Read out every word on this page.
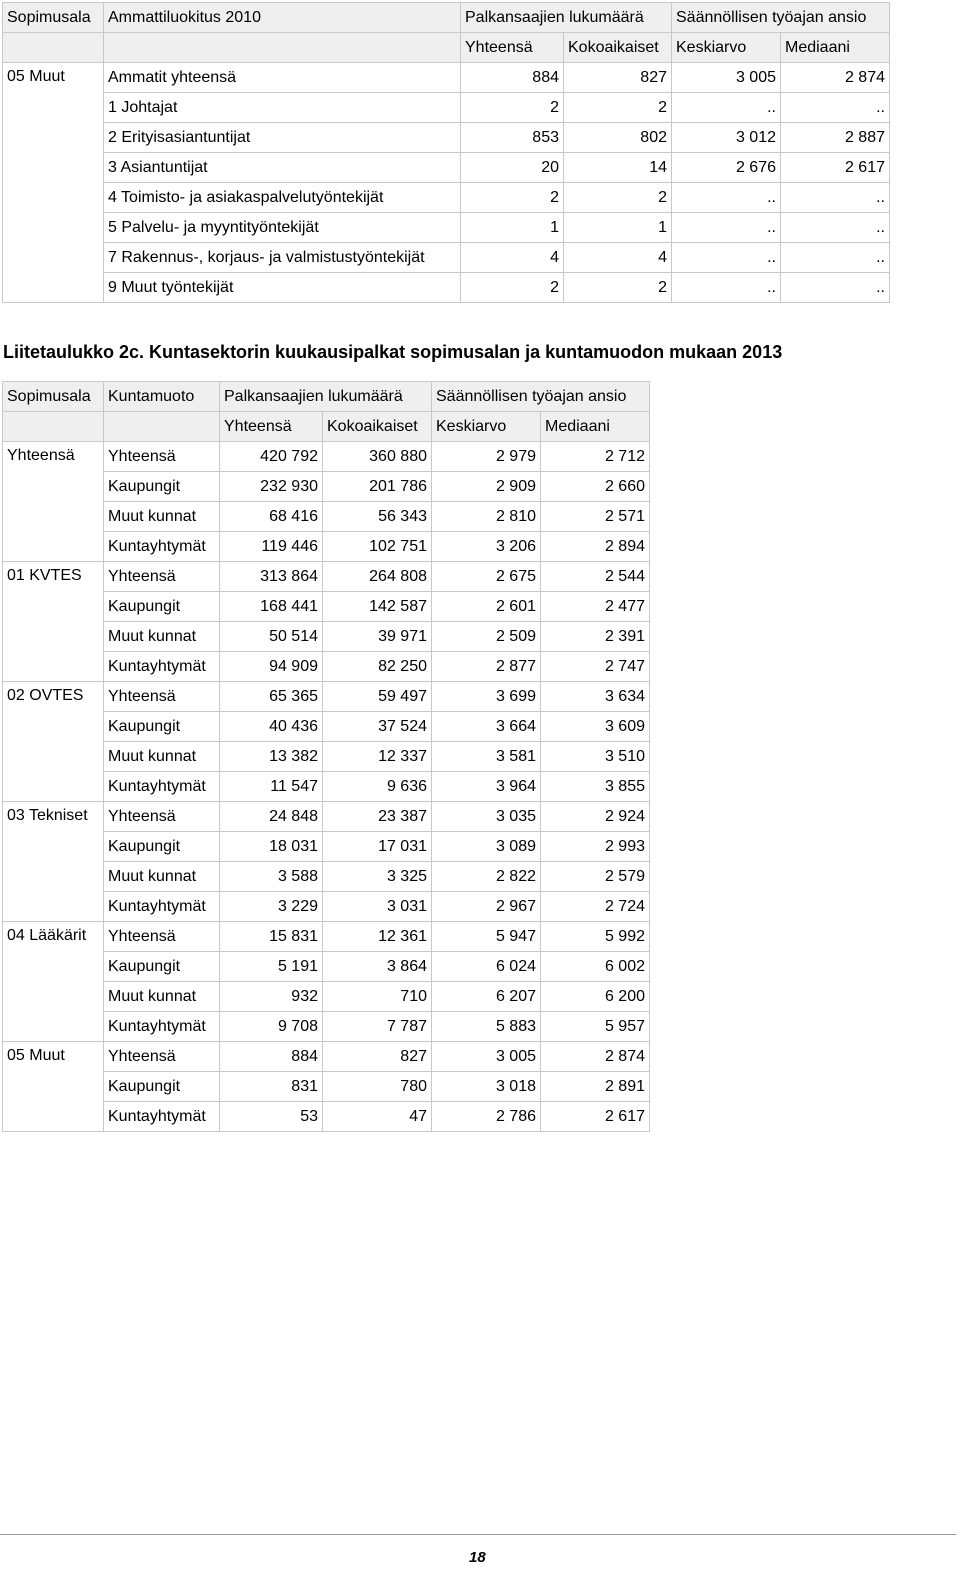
Sopimusala	Ammattiluokitus 2010	Palkansaajien lukumäärä		Säännöllisen työajan ansio	
		Yhteensä	Kokoaikaiset	Keskiarvo	Mediaani
05 Muut	Ammatit yhteensä	884	827	3 005	2 874
	1 Johtajat	2	2	..	..
	2 Erityisasiantuntijat	853	802	3 012	2 887
	3 Asiantuntijat	20	14	2 676	2 617
	4 Toimisto- ja asiakaspalvelutyöntekijät	2	2	..	..
	5 Palvelu- ja myyntityöntekijät	1	1	..	..
	7 Rakennus-, korjaus- ja valmistustyöntekijät	4	4	..	..
	9 Muut työntekijät	2	2	..	..
Liitetaulukko 2c. Kuntasektorin kuukausipalkat sopimusalan ja kuntamuodon mukaan 2013
Sopimusala	Kuntamuoto	Palkansaajien lukumäärä		Säännöllisen työajan ansio	
		Yhteensä	Kokoaikaiset	Keskiarvo	Mediaani
Yhteensä	Yhteensä	420 792	360 880	2 979	2 712
	Kaupungit	232 930	201 786	2 909	2 660
	Muut kunnat	68 416	56 343	2 810	2 571
	Kuntayhtymät	119 446	102 751	3 206	2 894
01 KVTES	Yhteensä	313 864	264 808	2 675	2 544
	Kaupungit	168 441	142 587	2 601	2 477
	Muut kunnat	50 514	39 971	2 509	2 391
	Kuntayhtymät	94 909	82 250	2 877	2 747
02 OVTES	Yhteensä	65 365	59 497	3 699	3 634
	Kaupungit	40 436	37 524	3 664	3 609
	Muut kunnat	13 382	12 337	3 581	3 510
	Kuntayhtymät	11 547	9 636	3 964	3 855
03 Tekniset	Yhteensä	24 848	23 387	3 035	2 924
	Kaupungit	18 031	17 031	3 089	2 993
	Muut kunnat	3 588	3 325	2 822	2 579
	Kuntayhtymät	3 229	3 031	2 967	2 724
04 Lääkärit	Yhteensä	15 831	12 361	5 947	5 992
	Kaupungit	5 191	3 864	6 024	6 002
	Muut kunnat	932	710	6 207	6 200
	Kuntayhtymät	9 708	7 787	5 883	5 957
05 Muut	Yhteensä	884	827	3 005	2 874
	Kaupungit	831	780	3 018	2 891
	Kuntayhtymät	53	47	2 786	2 617
18
